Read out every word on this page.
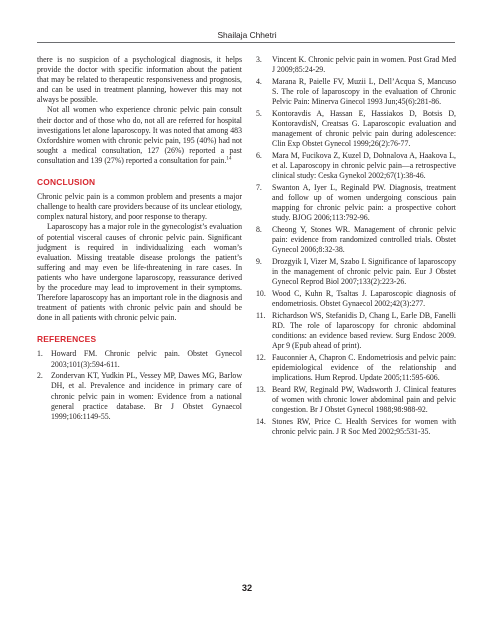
Shailaja Chhetri

there is no suspicion of a psychological diagnosis, it helps provide the doctor with specific information about the patient that may be related to therapeutic responsiveness and prognosis, and can be used in treatment planning, however this may not always be possible.

Not all women who experience chronic pelvic pain consult their doctor and of those who do, not all are referred for hospital investigations let alone laparoscopy. It was noted that among 483 Oxfordshire women with chronic pelvic pain, 195 (40%) had not sought a medical consultation, 127 (26%) reported a past consultation and 139 (27%) reported a consultation for pain.$^{14}$

CONCLUSION

Chronic pelvic pain is a common problem and presents a major challenge to health care providers because of its unclear etiology, complex natural history, and poor response to therapy.

Laparoscopy has a major role in the gynecologist’s evaluation of potential visceral causes of chronic pelvic pain. Significant judgment is required in individualizing each woman’s evaluation. Missing treatable disease prolongs the patient’s suffering and may even be life-threatening in rare cases. In patients who have undergone laparoscopy, reassurance derived by the procedure may lead to improvement in their symptoms. Therefore laparoscopy has an important role in the diagnosis and treatment of patients with chronic pelvic pain and should be done in all patients with chronic pelvic pain.

REFERENCES
1. Howard FM. Chronic pelvic pain. Obstet Gynecol 2003;101(3):594-611.
2. Zondervan KT, Yudkin PL, Vessey MP, Dawes MG, Barlow DH, et al. Prevalence and incidence in primary care of chronic pelvic pain in women: Evidence from a national general practice database. Br J Obstet Gynaecol 1999;106:1149-55.
3. Vincent K. Chronic pelvic pain in women. Post Grad Med J 2009;85:24-29.
4. Marana R, Paielle FV, Muzii L, Dell’Acqua S, Mancuso S. The role of laparoscopy in the evaluation of Chronic Pelvic Pain: Minerva Ginecol 1993 Jun;45(6):281-86.
5. Kontoravdis A, Hassan E, Hassiakos D, Botsis D, KontoravdisN, Creatsas G. Laparoscopic evaluation and management of chronic pelvic pain during adolescence: Clin Exp Obstet Gynecol 1999;26(2):76-77.
6. Mara M, Fucikova Z, Kuzel D, Dohnalova A, Haakova L, et al. Laparoscopy in chronic pelvic pain—a retrospective clinical study: Ceska Gynekol 2002;67(1):38-46.
7. Swanton A, Iyer L, Reginald PW. Diagnosis, treatment and follow up of women undergoing conscious pain mapping for chronic pelvic pain: a prospective cohort study. BJOG 2006;113:792-96.
8. Cheong Y, Stones WR. Management of chronic pelvic pain: evidence from randomized controlled trials. Obstet Gynecol 2006;8:32-38.
9. Drozgyik I, Vizer M, Szabo I. Significance of laparoscopy in the management of chronic pelvic pain. Eur J Obstet Gynecol Reprod Biol 2007;133(2):223-26.
10. Wood C, Kuhn R, Tsaltas J. Laparoscopic diagnosis of endometriosis. Obstet Gynaecol 2002;42(3):277.
11. Richardson WS, Stefanidis D, Chang L, Earle DB, Fanelli RD. The role of laparoscopy for chronic abdominal conditions: an evidence based review. Surg Endosc 2009. Apr 9 (Epub ahead of print).
12. Fauconnier A, Chapron C. Endometriosis and pelvic pain: epidemiological evidence of the relationship and implications. Hum Reprod. Update 2005;11:595-606.
13. Beard RW, Reginald PW, Wadsworth J. Clinical features of women with chronic lower abdominal pain and pelvic congestion. Br J Obstet Gynecol 1988;98:988-92.
14. Stones RW, Price C. Health Services for women with chronic pelvic pain. J R Soc Med 2002;95:531-35.
32
